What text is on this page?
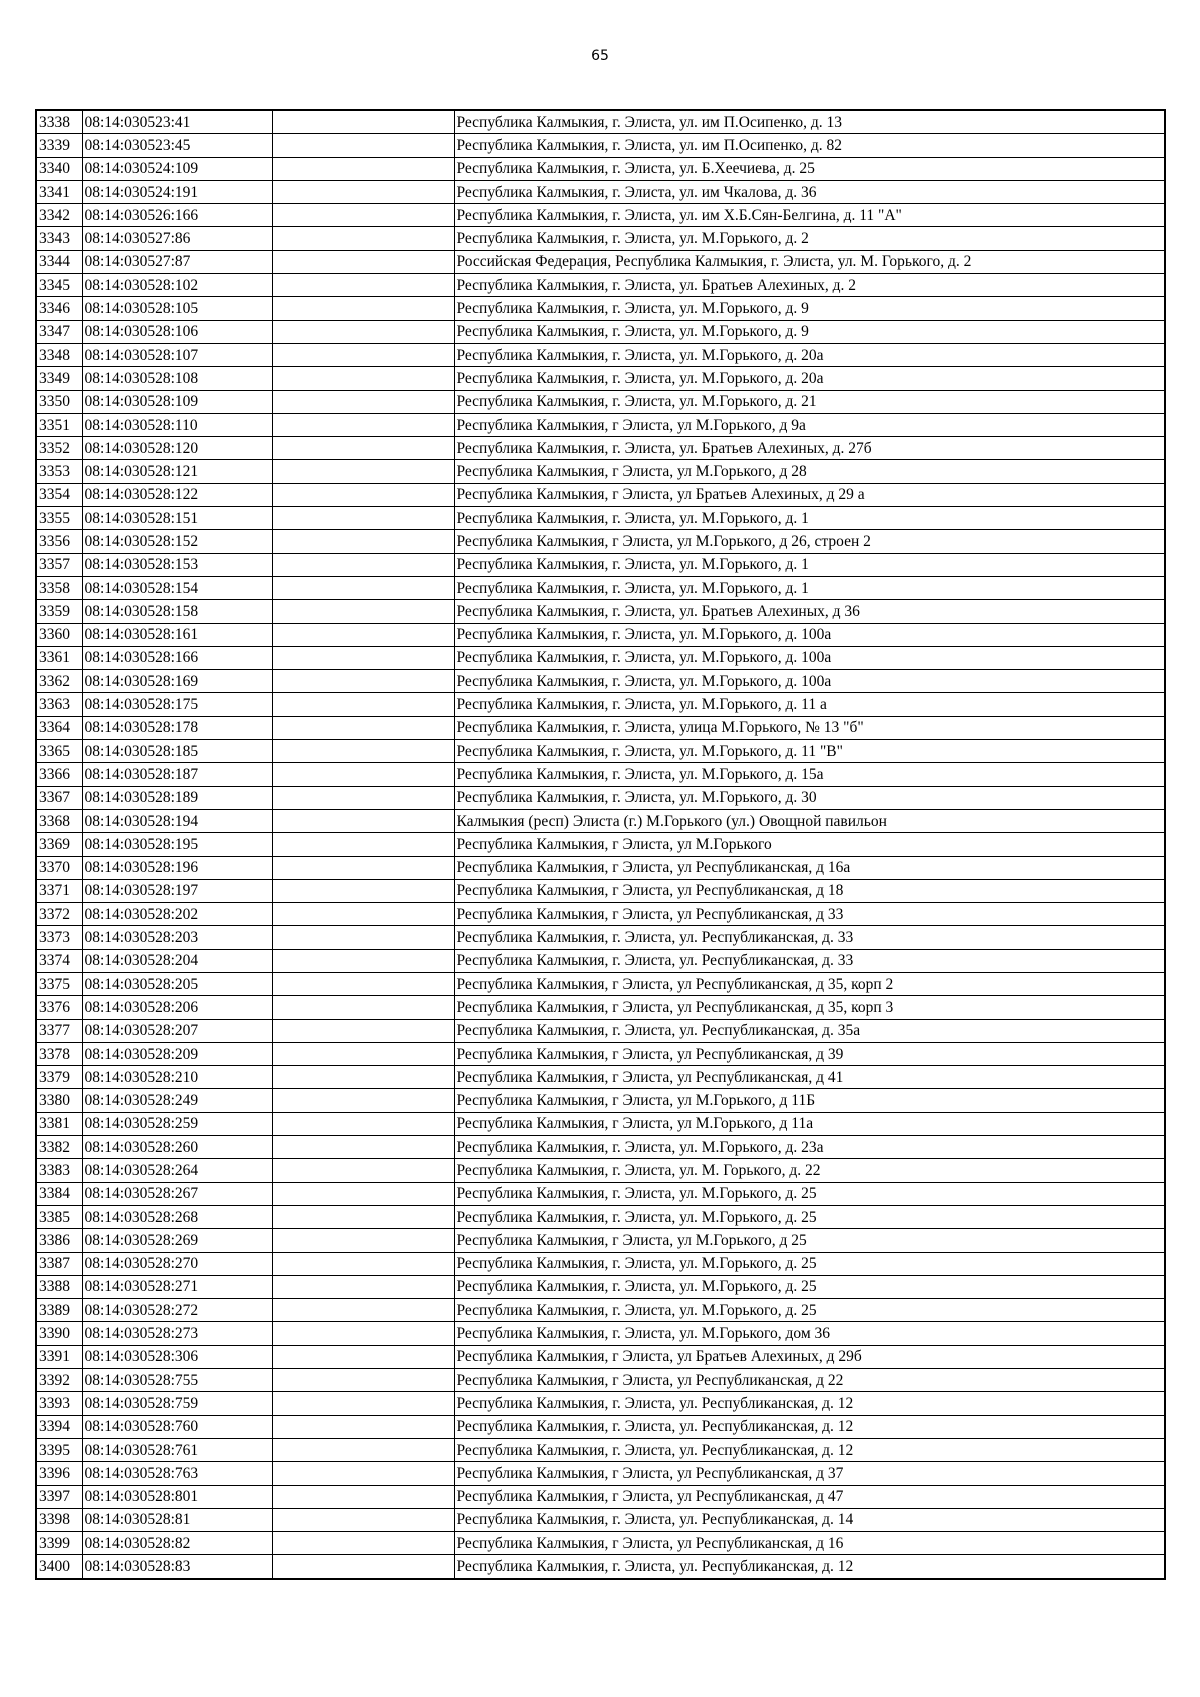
65
3338	08:14:030523:41		Республика Калмыкия, г. Элиста, ул. им П.Осипенко, д. 13
3339	08:14:030523:45		Республика Калмыкия, г. Элиста, ул. им П.Осипенко, д. 82
3340	08:14:030524:109		Республика Калмыкия, г. Элиста, ул. Б.Хеечиева, д. 25
3341	08:14:030524:191		Республика Калмыкия, г. Элиста, ул. им Чкалова, д. 36
3342	08:14:030526:166		Республика Калмыкия, г. Элиста, ул. им Х.Б.Сян-Белгина, д. 11 "А"
3343	08:14:030527:86		Республика Калмыкия, г. Элиста, ул. М.Горького, д. 2
3344	08:14:030527:87		Российская Федерация, Республика Калмыкия, г. Элиста, ул. М. Горького, д. 2
3345	08:14:030528:102		Республика Калмыкия, г. Элиста, ул. Братьев Алехиных, д. 2
3346	08:14:030528:105		Республика Калмыкия, г. Элиста, ул. М.Горького, д. 9
3347	08:14:030528:106		Республика Калмыкия, г. Элиста, ул. М.Горького, д. 9
3348	08:14:030528:107		Республика Калмыкия, г. Элиста, ул. М.Горького, д. 20а
3349	08:14:030528:108		Республика Калмыкия, г. Элиста, ул. М.Горького, д. 20а
3350	08:14:030528:109		Республика Калмыкия, г. Элиста, ул. М.Горького, д. 21
3351	08:14:030528:110		Республика Калмыкия, г Элиста, ул М.Горького, д 9а
3352	08:14:030528:120		Республика Калмыкия, г. Элиста, ул. Братьев Алехиных, д. 27б
3353	08:14:030528:121		Республика Калмыкия, г Элиста, ул М.Горького, д 28
3354	08:14:030528:122		Республика Калмыкия, г Элиста, ул Братьев Алехиных, д 29 а
3355	08:14:030528:151		Республика Калмыкия, г. Элиста, ул. М.Горького, д. 1
3356	08:14:030528:152		Республика Калмыкия, г Элиста, ул М.Горького, д 26, строен 2
3357	08:14:030528:153		Республика Калмыкия, г. Элиста, ул. М.Горького, д. 1
3358	08:14:030528:154		Республика Калмыкия, г. Элиста, ул. М.Горького, д. 1
3359	08:14:030528:158		Республика Калмыкия, г. Элиста, ул. Братьев Алехиных, д 36
3360	08:14:030528:161		Республика Калмыкия, г. Элиста, ул. М.Горького, д. 100а
3361	08:14:030528:166		Республика Калмыкия, г. Элиста, ул. М.Горького, д. 100а
3362	08:14:030528:169		Республика Калмыкия, г. Элиста, ул. М.Горького, д. 100а
3363	08:14:030528:175		Республика Калмыкия, г. Элиста, ул. М.Горького, д. 11 а
3364	08:14:030528:178		Республика Калмыкия, г. Элиста, улица М.Горького, № 13 "б"
3365	08:14:030528:185		Республика Калмыкия, г. Элиста, ул. М.Горького, д. 11 "В"
3366	08:14:030528:187		Республика Калмыкия, г. Элиста, ул. М.Горького, д. 15а
3367	08:14:030528:189		Республика Калмыкия, г. Элиста, ул. М.Горького, д. 30
3368	08:14:030528:194		Калмыкия (респ) Элиста (г.) М.Горького (ул.) Овощной павильон
3369	08:14:030528:195		Республика Калмыкия, г Элиста, ул М.Горького
3370	08:14:030528:196		Республика Калмыкия, г Элиста, ул Республиканская, д 16а
3371	08:14:030528:197		Республика Калмыкия, г Элиста, ул Республиканская, д 18
3372	08:14:030528:202		Республика Калмыкия, г Элиста, ул Республиканская, д 33
3373	08:14:030528:203		Республика Калмыкия, г. Элиста, ул. Республиканская, д. 33
3374	08:14:030528:204		Республика Калмыкия, г. Элиста, ул. Республиканская, д. 33
3375	08:14:030528:205		Республика Калмыкия, г Элиста, ул Республиканская, д 35, корп 2
3376	08:14:030528:206		Республика Калмыкия, г Элиста, ул Республиканская, д 35, корп 3
3377	08:14:030528:207		Республика Калмыкия, г. Элиста, ул. Республиканская, д. 35а
3378	08:14:030528:209		Республика Калмыкия, г Элиста, ул Республиканская, д 39
3379	08:14:030528:210		Республика Калмыкия, г Элиста, ул Республиканская, д 41
3380	08:14:030528:249		Республика Калмыкия, г Элиста, ул М.Горького, д 11Б
3381	08:14:030528:259		Республика Калмыкия, г Элиста, ул М.Горького, д 11а
3382	08:14:030528:260		Республика Калмыкия, г. Элиста, ул. М.Горького, д. 23а
3383	08:14:030528:264		Республика Калмыкия, г. Элиста, ул. М. Горького, д. 22
3384	08:14:030528:267		Республика Калмыкия, г. Элиста, ул. М.Горького, д. 25
3385	08:14:030528:268		Республика Калмыкия, г. Элиста, ул. М.Горького, д. 25
3386	08:14:030528:269		Республика Калмыкия, г Элиста, ул М.Горького, д 25
3387	08:14:030528:270		Республика Калмыкия, г. Элиста, ул. М.Горького, д. 25
3388	08:14:030528:271		Республика Калмыкия, г. Элиста, ул. М.Горького, д. 25
3389	08:14:030528:272		Республика Калмыкия, г. Элиста, ул. М.Горького, д. 25
3390	08:14:030528:273		Республика Калмыкия, г. Элиста, ул. М.Горького, дом 36
3391	08:14:030528:306		Республика Калмыкия, г Элиста, ул Братьев Алехиных, д 29б
3392	08:14:030528:755		Республика Калмыкия, г Элиста, ул Республиканская, д 22
3393	08:14:030528:759		Республика Калмыкия, г. Элиста, ул. Республиканская, д. 12
3394	08:14:030528:760		Республика Калмыкия, г. Элиста, ул. Республиканская, д. 12
3395	08:14:030528:761		Республика Калмыкия, г. Элиста, ул. Республиканская, д. 12
3396	08:14:030528:763		Республика Калмыкия, г Элиста, ул Республиканская, д 37
3397	08:14:030528:801		Республика Калмыкия, г Элиста, ул Республиканская, д 47
3398	08:14:030528:81		Республика Калмыкия, г. Элиста, ул. Республиканская, д. 14
3399	08:14:030528:82		Республика Калмыкия, г Элиста, ул Республиканская, д 16
3400	08:14:030528:83		Республика Калмыкия, г. Элиста, ул. Республиканская, д. 12
